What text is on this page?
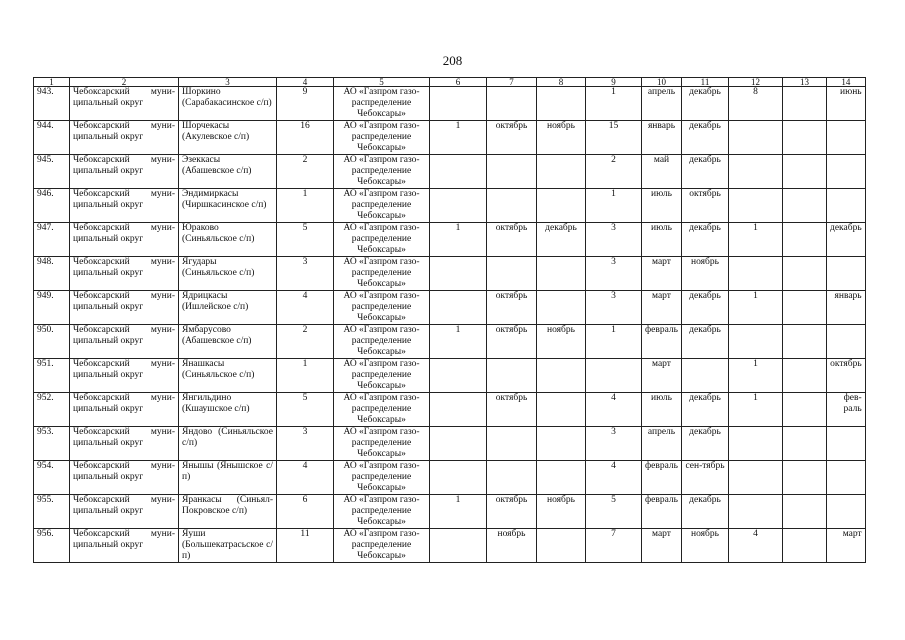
208
1	2	3	4	5	6	7	8	9	10	11	12	13	14
943.	Чебоксарский муни-ципальный округ	Шоркино (Сарабакасинское с/п)	9	АО «Газпром газо-распределение Чебоксары»				1	апрель	декабрь	8		июнь
944.	Чебоксарский муни-ципальный округ	Шорчекасы (Акулевское с/п)	16	АО «Газпром газо-распределение Чебоксары»	1	октябрь	ноябрь	15	январь	декабрь			
945.	Чебоксарский муни-ципальный округ	Эзеккасы (Абашевское с/п)	2	АО «Газпром газо-распределение Чебоксары»				2	май	декабрь			
946.	Чебоксарский муни-ципальный округ	Эндимиркасы (Чиршкасинское с/п)	1	АО «Газпром газо-распределение Чебоксары»				1	июль	октябрь			
947.	Чебоксарский муни-ципальный округ	Юраково (Синьяльское с/п)	5	АО «Газпром газо-распределение Чебоксары»	1	октябрь	декабрь	3	июль	декабрь	1		декабрь
948.	Чебоксарский муни-ципальный округ	Ягудары (Синьяльское с/п)	3	АО «Газпром газо-распределение Чебоксары»				3	март	ноябрь			
949.	Чебоксарский муни-ципальный округ	Ядрицкасы (Ишлейское с/п)	4	АО «Газпром газо-распределение Чебоксары»		октябрь		3	март	декабрь	1		январь
950.	Чебоксарский муни-ципальный округ	Ямбарусово (Абашевское с/п)	2	АО «Газпром газо-распределение Чебоксары»	1	октябрь	ноябрь	1	февраль	декабрь			
951.	Чебоксарский муни-ципальный округ	Янашкасы (Синьяльское с/п)	1	АО «Газпром газо-распределение Чебоксары»					март		1		октябрь
952.	Чебоксарский муни-ципальный округ	Янгильдино (Кшаушское с/п)	5	АО «Газпром газо-распределение Чебоксары»		октябрь		4	июль	декабрь	1		фев-раль
953.	Чебоксарский муни-ципальный округ	Яндово (Синьяльское с/п)	3	АО «Газпром газо-распределение Чебоксары»				3	апрель	декабрь			
954.	Чебоксарский муни-ципальный округ	Янышы (Янышское с/п)	4	АО «Газпром газо-распределение Чебоксары»				4	февраль	сен-тябрь			
955.	Чебоксарский муни-ципальный округ	Яранкасы (Синьял-Покровское с/п)	6	АО «Газпром газо-распределение Чебоксары»	1	октябрь	ноябрь	5	февраль	декабрь			
956.	Чебоксарский муни-ципальный округ	Яуши (Большекатрасьское с/п)	11	АО «Газпром газо-распределение Чебоксары»		ноябрь		7	март	ноябрь	4		март
